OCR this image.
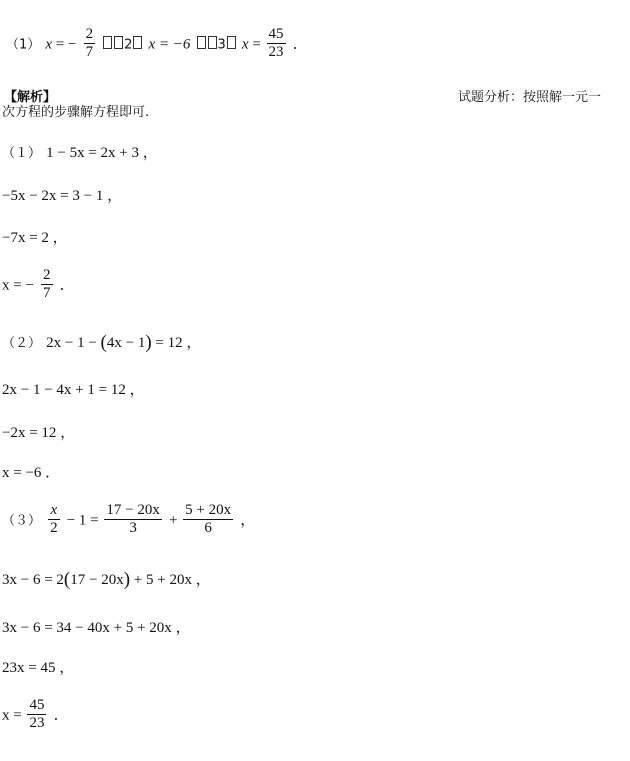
（1） x = − $\frac{2}{7} 2$ x = −6 3 $x = \frac{45}{23}$ ．
【解析】	试题分析：按照解一元一
次方程的步骤解方程即可.
（１） 1 − 5x = 2x + 3 ，
−5x − 2x = 3 − 1 ，
−7x = 2 ，
x = − $\frac{2}{7}$ ．
（２） 2x − 1 − (4x − 1) = 12 ，
2x − 1 − 4x + 1 = 12 ，
−2x = 12 ，
x = −6 ．
$(3) \frac{x}{2} - 1 = \frac{17 - 20x}{3} + \frac{5 + 20x}{6}$ ，
3x − 6 = 2(17 − 20x) + 5 + 20x ，
3x − 6 = 34 − 40x + 5 + 20x ，
23x = 45 ，
$x = \frac{45}{23}$ ．
